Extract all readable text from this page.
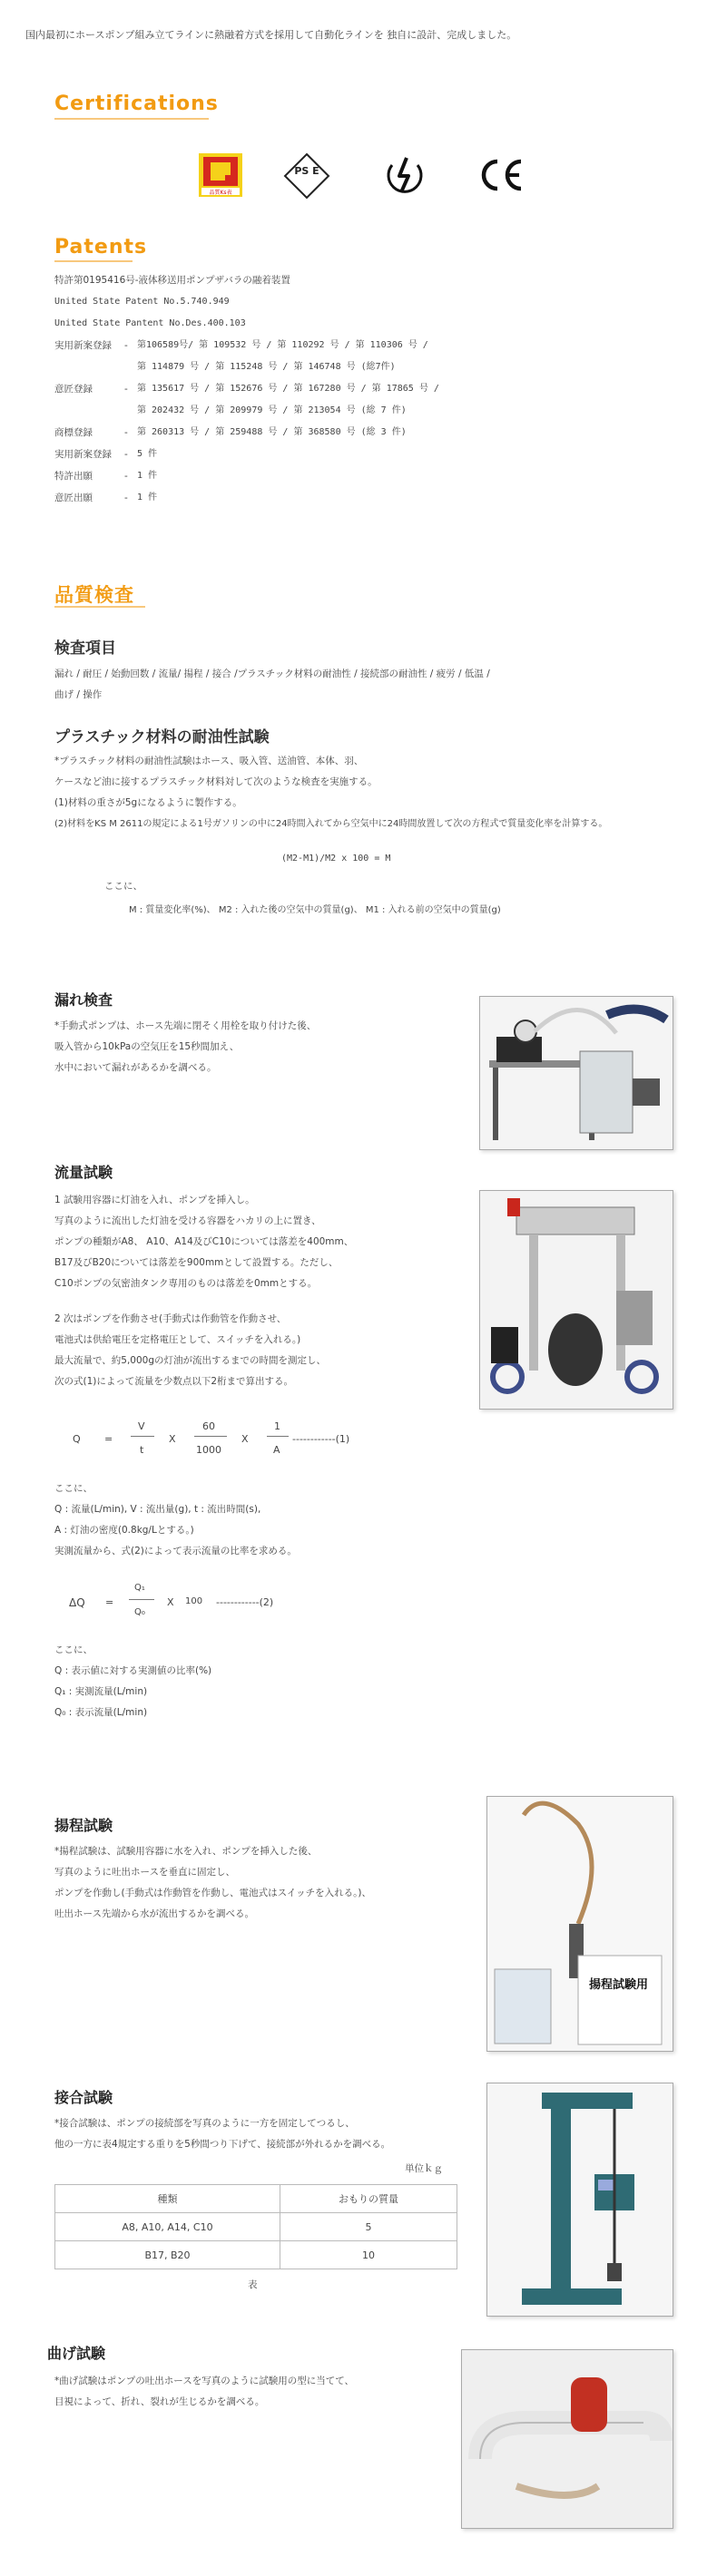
国内最初にホースポンプ組み立てラインに熱融着方式を採用して自動化ラインを 独自に設計、完成しました。
Certifications
品質Ks表
PS E
Patents
特許第0195416号-液体移送用ポンプザバラの融着装置
United State Patent No.5.740.949
United State Pantent No.Des.400.103
実用新案登録 - 第106589号/ 第 109532 号 / 第 110292 号 / 第 110306 号 /
第 114879 号 / 第 115248 号 / 第 146748 号 (総7件)
意匠登録	- 第 135617 号 / 第 152676 号 / 第 167280 号 / 第 17865 号 /
第 202432 号 / 第 209979 号 / 第 213054 号 (総 7 件)
商標登録	- 第 260313 号 / 第 259488 号 / 第 368580 号 (総 3 件)
実用新案登録 - 5 件
特許出願	- 1 件
意匠出願	- 1 件
品質検査
検査項目
漏れ / 耐圧 / 始動回数 / 流量/ 揚程 / 接合 /プラスチック材料の耐油性 / 接続部の耐油性 / 疲労 / 低温 /
曲げ / 操作
プラスチック材料の耐油性試験
*プラスチック材料の耐油性試験はホース、吸入管、送油管、本体、羽、
ケースなど油に接するプラスチック材料対して次のような検査を実施する。
(1)材料の重さが5gになるように製作する。
(2)材料をKS M 2611の規定による1号ガソリンの中に24時間入れてから空気中に24時間放置して次の方程式で質量変化率を計算する。
(M2-M1)/M2 x 100 = M
ここに、
M : 質量変化率(%)、 M2 : 入れた後の空気中の質量(g)、 M1 : 入れる前の空気中の質量(g)
漏れ検査
*手動式ポンプは、ホース先端に閉そく用栓を取り付けた後、
吸入管から10kPaの空気圧を15秒間加え、
水中において漏れがあるかを調べる。
流量試験
1 試験用容器に灯油を入れ、ポンプを挿入し。
写真のように流出した灯油を受ける容器をハカリの上に置き、
ポンプの種類がA8、 A10、A14及びC10については落差を400mm、
B17及びB20については落差を900mmとして設置する。ただし、
C10ポンプの気密油タンク専用のものは落差を0mmとする。
2 次はポンプを作動させ(手動式は作動管を作動させ、
電池式は供給電圧を定格電圧として、スイッチを入れる。)
最大流量で、約5,000gの灯油が流出するまでの時間を測定し、
次の式(1)によって流量を少数点以下2桁まで算出する。
Q =
V
t
X
60
1000
X
1
A
------------(1)
ここに、
Q : 流量(L/min), V : 流出量(g), t : 流出時間(s),
A : 灯油の密度(0.8kg/Lとする。)
実測流量から、式(2)によって表示流量の比率を求める。
ΔQ =
Q₁
Q₀
X 100 ------------(2)
ここに、
Q : 表示値に対する実測値の比率(%)
Q₁ : 実測流量(L/min)
Q₀ : 表示流量(L/min)
揚程試験
*揚程試験は、試験用容器に水を入れ、ポンプを挿入した後、
写真のように吐出ホースを垂直に固定し、
ポンプを作動し(手動式は作動管を作動し、電池式はスイッチを入れる。)、
吐出ホース先端から水が流出するかを調べる。
揚程試験用
接合試験
*接合試験は、ポンプの接続部を写真のように一方を固定してつるし、
他の一方に表4規定する重りを5秒間つり下げて、接続部が外れるかを調べる。
単位ｋｇ
種類	おもりの質量
A8, A10, A14, C10	5
B17, B20	10
表
曲げ試験
*曲げ試験はポンプの吐出ホースを写真のように試験用の型に当てて、
目視によって、折れ、裂れが生じるかを調べる。
